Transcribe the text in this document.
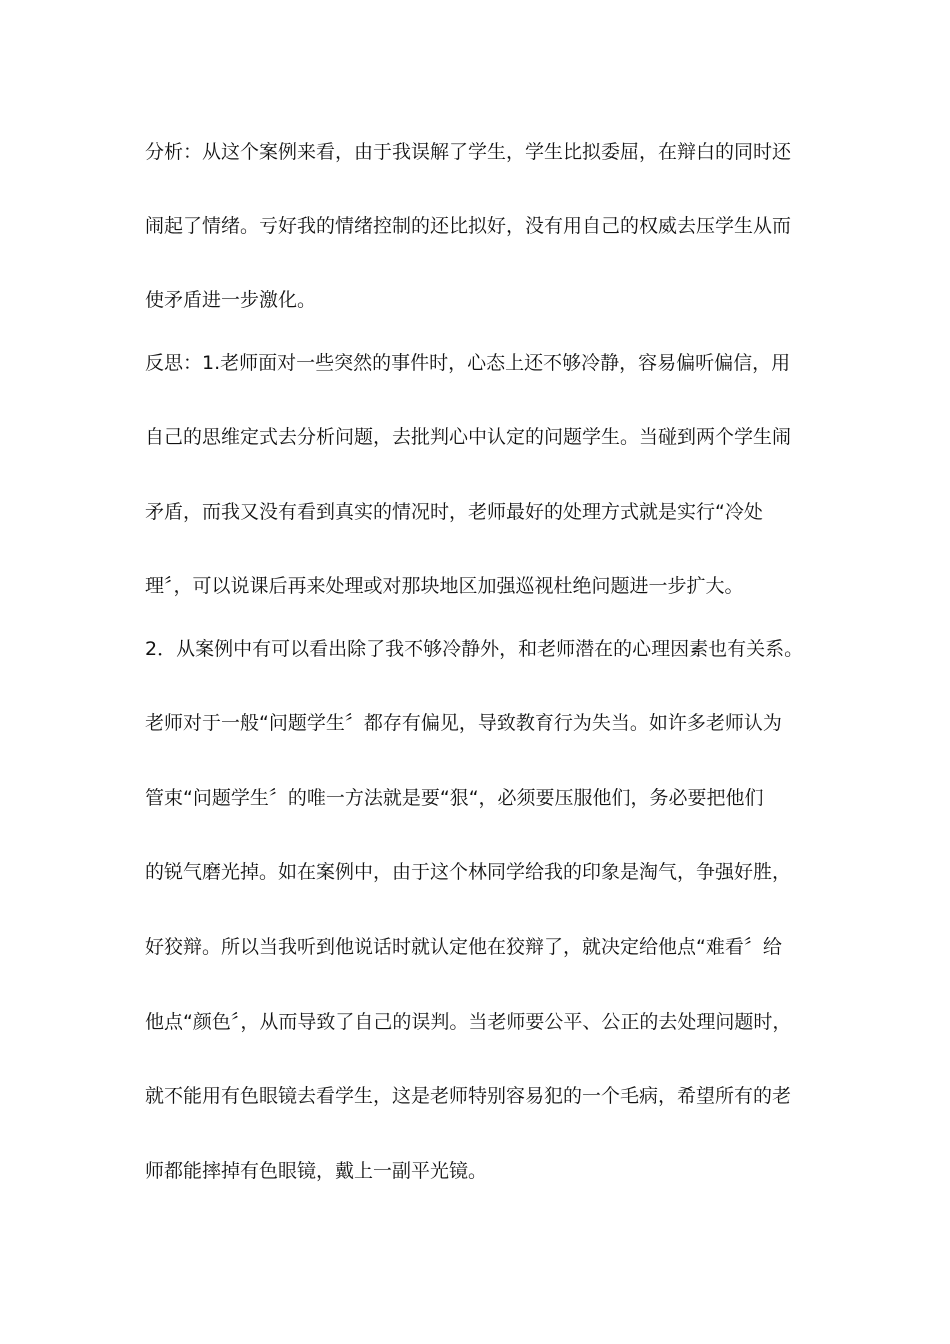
分析：从这个案例来看，由于我误解了学生，学生比拟委屈，在辩白的同时还
闹起了情绪。亏好我的情绪控制的还比拟好，没有用自己的权威去压学生从而
使矛盾进一步激化。
反思：1.老师面对一些突然的事件时，心态上还不够冷静，容易偏听偏信，用
自己的思维定式去分析问题，去批判心中认定的问题学生。当碰到两个学生闹
矛盾，而我又没有看到真实的情况时，老师最好的处理方式就是实行“冷处
理〞，可以说课后再来处理或对那块地区加强巡视杜绝问题进一步扩大。
2．从案例中有可以看出除了我不够冷静外，和老师潜在的心理因素也有关系。
老师对于一般“问题学生〞都存有偏见，导致教育行为失当。如许多老师认为
管束“问题学生〞的唯一方法就是要“狠“，必须要压服他们，务必要把他们
的锐气磨光掉。如在案例中，由于这个林同学给我的印象是淘气，争强好胜，
好狡辩。所以当我听到他说话时就认定他在狡辩了，就决定给他点“难看〞给
他点“颜色〞，从而导致了自己的误判。当老师要公平、公正的去处理问题时，
就不能用有色眼镜去看学生，这是老师特别容易犯的一个毛病，希望所有的老
师都能摔掉有色眼镜，戴上一副平光镜。
